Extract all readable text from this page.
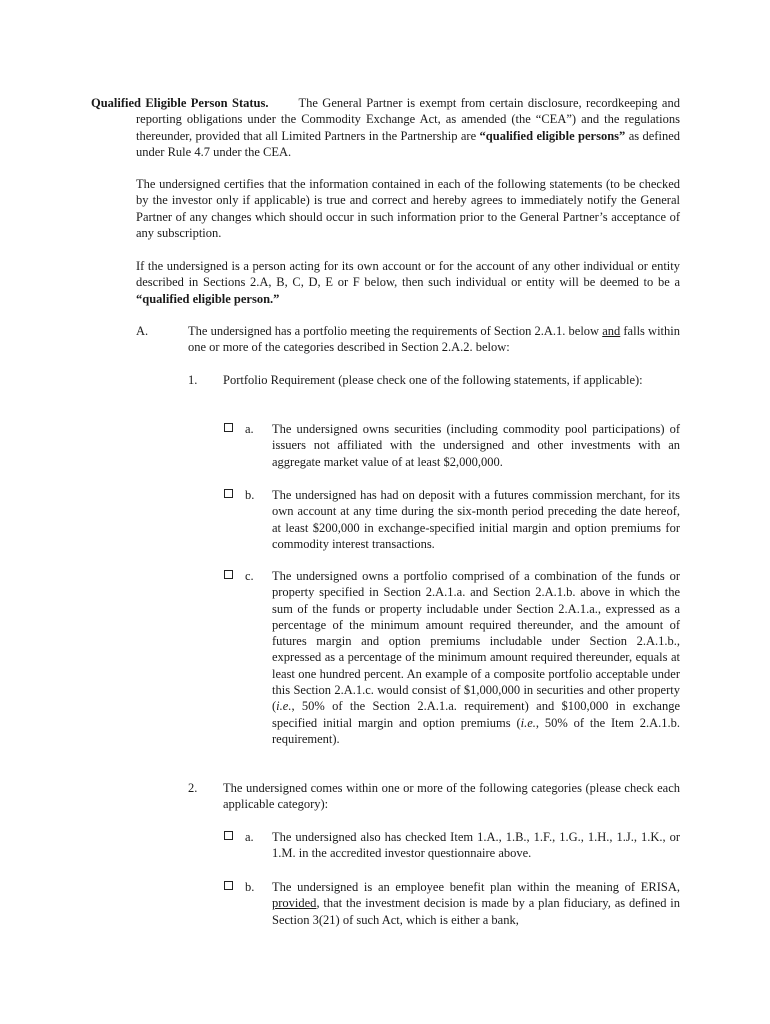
Qualified Eligible Person Status. The General Partner is exempt from certain disclosure, recordkeeping and reporting obligations under the Commodity Exchange Act, as amended (the “CEA”) and the regulations thereunder, provided that all Limited Partners in the Partnership are “qualified eligible persons” as defined under Rule 4.7 under the CEA.

The undersigned certifies that the information contained in each of the following statements (to be checked by the investor only if applicable) is true and correct and hereby agrees to immediately notify the General Partner of any changes which should occur in such information prior to the General Partner’s acceptance of any subscription.

If the undersigned is a person acting for its own account or for the account of any other individual or entity described in Sections 2.A, B, C, D, E or F below, then such individual or entity will be deemed to be a “qualified eligible person.”

A.	The undersigned has a portfolio meeting the requirements of Section 2.A.1. below and falls within one or more of the categories described in Section 2.A.2. below:

1. Portfolio Requirement (please check one of the following statements, if applicable):

a. The undersigned owns securities (including commodity pool participations) of issuers not affiliated with the undersigned and other investments with an aggregate market value of at least $2,000,000.

b. The undersigned has had on deposit with a futures commission merchant, for its own account at any time during the six-month period preceding the date hereof, at least $200,000 in exchange-specified initial margin and option premiums for commodity interest transactions.

c. The undersigned owns a portfolio comprised of a combination of the funds or property specified in Section 2.A.1.a. and Section 2.A.1.b. above in which the sum of the funds or property includable under Section 2.A.1.a., expressed as a percentage of the minimum amount required thereunder, and the amount of futures margin and option premiums includable under Section 2.A.1.b., expressed as a percentage of the minimum amount required thereunder, equals at least one hundred percent. An example of a composite portfolio acceptable under this Section 2.A.1.c. would consist of $1,000,000 in securities and other property (i.e., 50% of the Section 2.A.1.a. requirement) and $100,000 in exchange specified initial margin and option premiums (i.e., 50% of the Item 2.A.1.b. requirement).

2. The undersigned comes within one or more of the following categories (please check each applicable category):

a. The undersigned also has checked Item 1.A., 1.B., 1.F., 1.G., 1.H., 1.J., 1.K., or 1.M. in the accredited investor questionnaire above.

b. The undersigned is an employee benefit plan within the meaning of ERISA, provided, that the investment decision is made by a plan fiduciary, as defined in Section 3(21) of such Act, which is either a bank,
